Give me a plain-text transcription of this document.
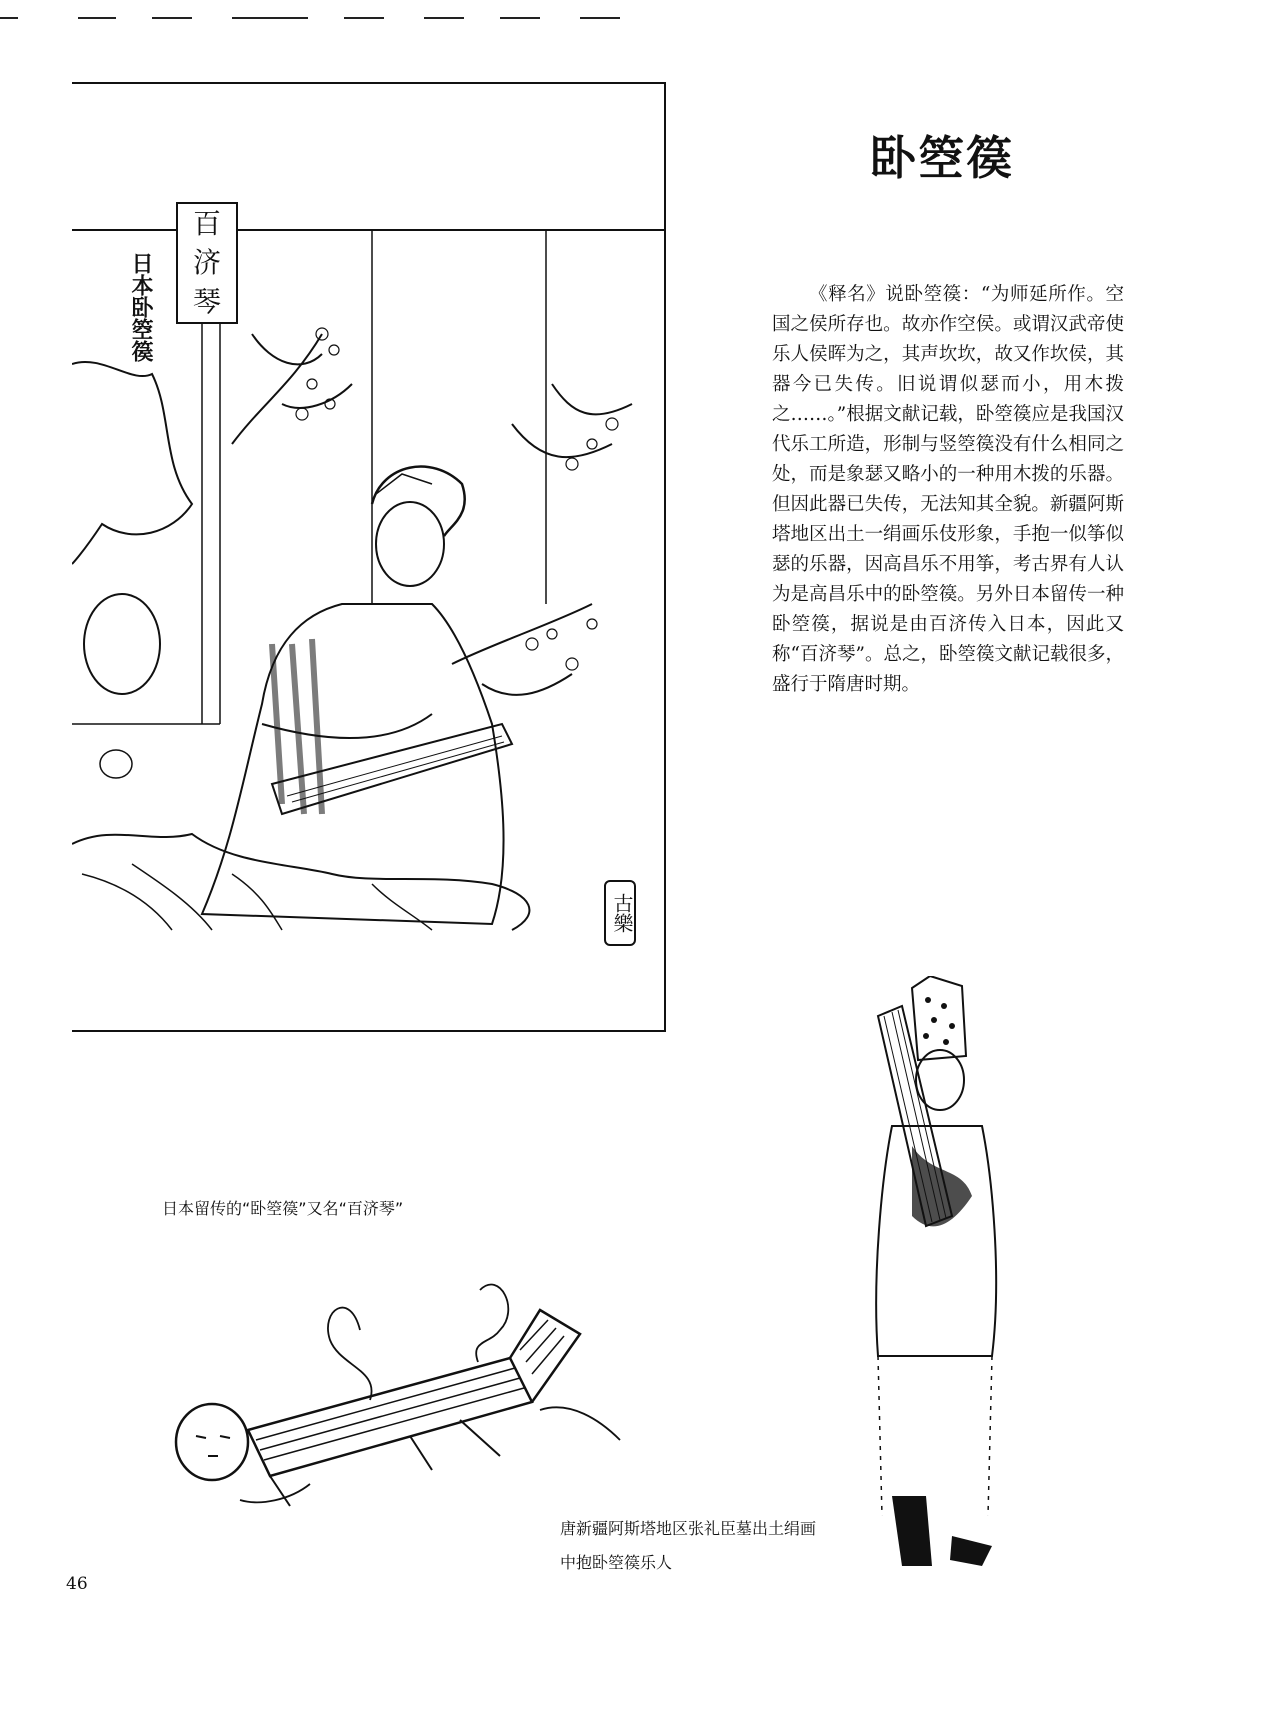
百
济
琴
日本卧箜篌
古樂
卧箜篌
《释名》说卧箜篌：“为师延所作。空国之侯所存也。故亦作空侯。或谓汉武帝使乐人侯晖为之，其声坎坎，故又作坎侯，其器今已失传。旧说谓似瑟而小，用木拨之……。”根据文献记载，卧箜篌应是我国汉代乐工所造，形制与竖箜篌没有什么相同之处，而是象瑟又略小的一种用木拨的乐器。但因此器已失传，无法知其全貌。新疆阿斯塔地区出土一绢画乐伎形象，手抱一似筝似瑟的乐器，因高昌乐不用筝，考古界有人认为是高昌乐中的卧箜篌。另外日本留传一种卧箜篌，据说是由百济传入日本，因此又称“百济琴”。总之，卧箜篌文献记载很多，盛行于隋唐时期。
日本留传的“卧箜篌”又名“百济琴”
唐新疆阿斯塔地区张礼臣墓出土绢画中抱卧箜篌乐人
46
